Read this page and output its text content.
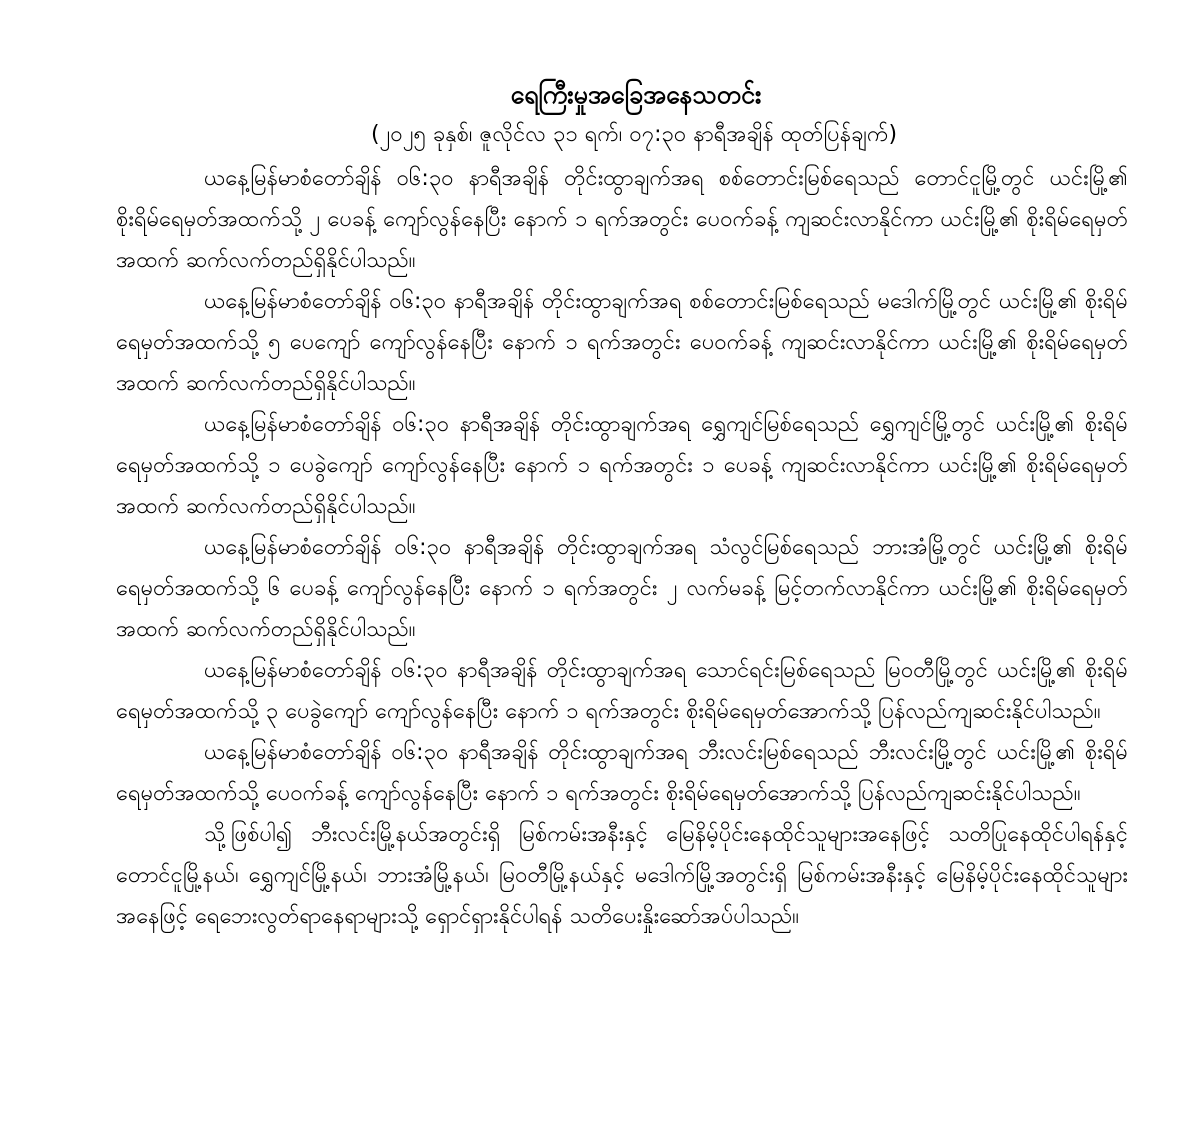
ရေကြီးမှုအခြေအနေသတင်း
(၂၀၂၅ ခုနှစ်၊ ဇူလိုင်လ ၃၁ ရက်၊ ၀၇:၃၀ နာရီအချိန် ထုတ်ပြန်ချက်)

ယနေ့မြန်မာစံတော်ချိန် ၀၆:၃၀ နာရီအချိန် တိုင်းထွာချက်အရ စစ်တောင်းမြစ်ရေသည် တောင်ငူမြို့တွင် ယင်းမြို့၏ စိုးရိမ်ရေမှတ်အထက်သို့ ၂ ပေခန့် ကျော်လွန်နေပြီး နောက် ၁ ရက်အတွင်း ပေဝက်ခန့် ကျဆင်းလာနိုင်ကာ ယင်းမြို့၏ စိုးရိမ်ရေမှတ်အထက် ဆက်လက်တည်ရှိနိုင်ပါသည်။

ယနေ့မြန်မာစံတော်ချိန် ၀၆:၃၀ နာရီအချိန် တိုင်းထွာချက်အရ စစ်တောင်းမြစ်ရေသည် မဒေါက်မြို့တွင် ယင်းမြို့၏ စိုးရိမ်ရေမှတ်အထက်သို့ ၅ ပေကျော် ကျော်လွန်နေပြီး နောက် ၁ ရက်အတွင်း ပေဝက်ခန့် ကျဆင်းလာနိုင်ကာ ယင်းမြို့၏ စိုးရိမ်ရေမှတ်အထက် ဆက်လက်တည်ရှိနိုင်ပါသည်။

ယနေ့မြန်မာစံတော်ချိန် ၀၆:၃၀ နာရီအချိန် တိုင်းထွာချက်အရ ရွှေကျင်မြစ်ရေသည် ရွှေကျင်မြို့တွင် ယင်းမြို့၏ စိုးရိမ်ရေမှတ်အထက်သို့ ၁ ပေခွဲကျော် ကျော်လွန်နေပြီး နောက် ၁ ရက်အတွင်း ၁ ပေခန့် ကျဆင်းလာနိုင်ကာ ယင်းမြို့၏ စိုးရိမ်ရေမှတ်အထက် ဆက်လက်တည်ရှိနိုင်ပါသည်။

ယနေ့မြန်မာစံတော်ချိန် ၀၆:၃၀ နာရီအချိန် တိုင်းထွာချက်အရ သံလွင်မြစ်ရေသည် ဘားအံမြို့တွင် ယင်းမြို့၏ စိုးရိမ်ရေမှတ်အထက်သို့ ၆ ပေခန့် ကျော်လွန်နေပြီး နောက် ၁ ရက်အတွင်း ၂ လက်မခန့် မြင့်တက်လာနိုင်ကာ ယင်းမြို့၏ စိုးရိမ်ရေမှတ်အထက် ဆက်လက်တည်ရှိနိုင်ပါသည်။

ယနေ့မြန်မာစံတော်ချိန် ၀၆:၃၀ နာရီအချိန် တိုင်းထွာချက်အရ သောင်ရင်းမြစ်ရေသည် မြဝတီမြို့တွင် ယင်းမြို့၏ စိုးရိမ်ရေမှတ်အထက်သို့ ၃ ပေခွဲကျော် ကျော်လွန်နေပြီး နောက် ၁ ရက်အတွင်း စိုးရိမ်ရေမှတ်အောက်သို့ ပြန်လည်ကျဆင်းနိုင်ပါသည်။

ယနေ့မြန်မာစံတော်ချိန် ၀၆:၃၀ နာရီအချိန် တိုင်းထွာချက်အရ ဘီးလင်းမြစ်ရေသည် ဘီးလင်းမြို့တွင် ယင်းမြို့၏ စိုးရိမ်ရေမှတ်အထက်သို့ ပေဝက်ခန့် ကျော်လွန်နေပြီး နောက် ၁ ရက်အတွင်း စိုးရိမ်ရေမှတ်အောက်သို့ ပြန်လည်ကျဆင်းနိုင်ပါသည်။

သို့ဖြစ်ပါ၍ ဘီးလင်းမြို့နယ်အတွင်းရှိ မြစ်ကမ်းအနီးနှင့် မြေနိမ့်ပိုင်းနေထိုင်သူများအနေဖြင့် သတိပြုနေထိုင်ပါရန်နှင့် တောင်ငူမြို့နယ်၊ ရွှေကျင်မြို့နယ်၊ ဘားအံမြို့နယ်၊ မြဝတီမြို့နယ်နှင့် မဒေါက်မြို့အတွင်းရှိ မြစ်ကမ်းအနီးနှင့် မြေနိမ့်ပိုင်းနေထိုင်သူများအနေဖြင့် ရေဘေးလွတ်ရာနေရာများသို့ ရှောင်ရှားနိုင်ပါရန် သတိပေးနှိုးဆော်အပ်ပါသည်။
